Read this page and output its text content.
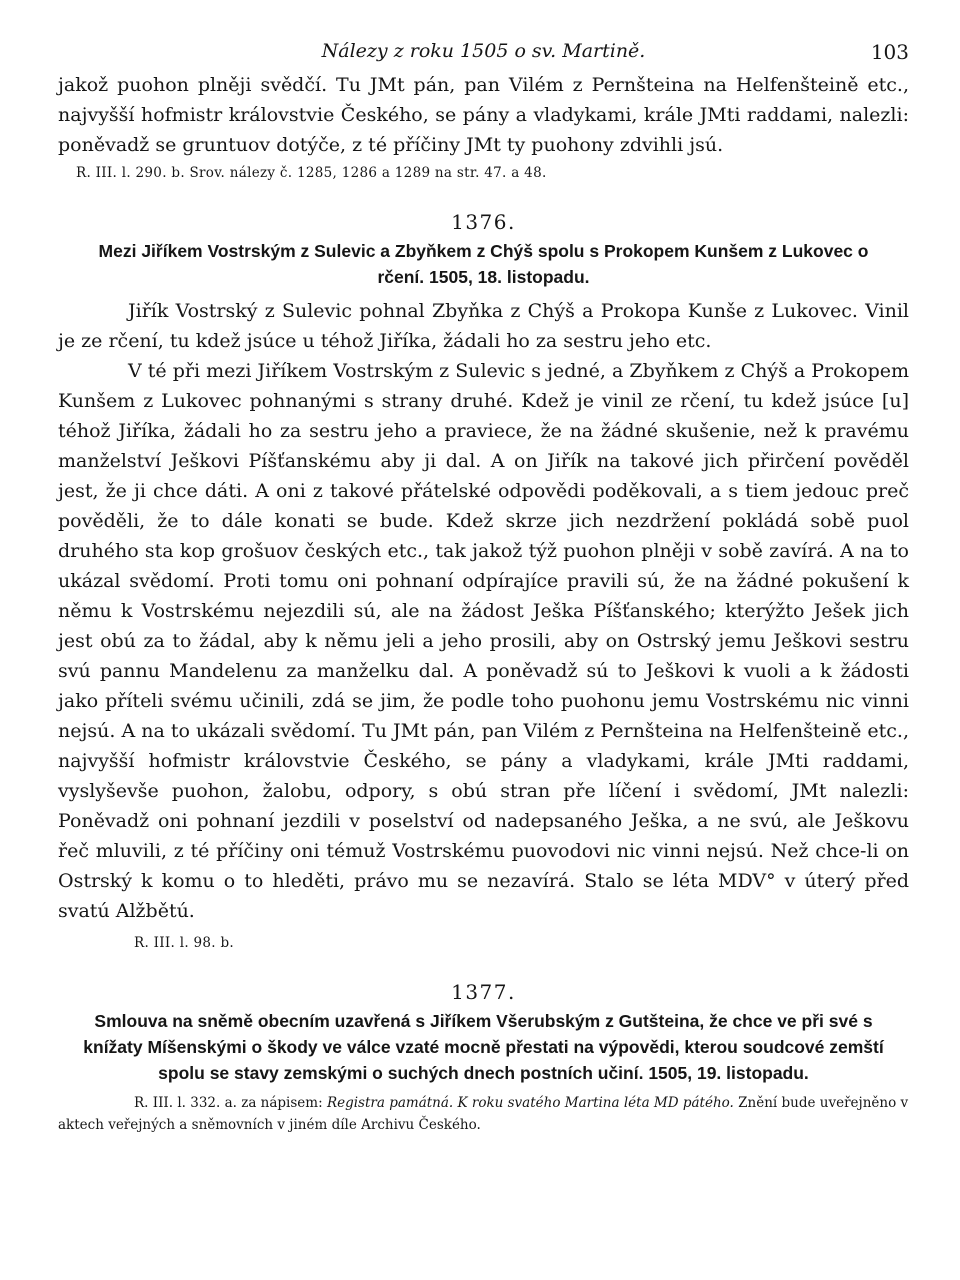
Nálezy z roku 1505 o sv. Martině.	103

jakož puohon plněji svědčí. Tu JMt pán, pan Vilém z Pernšteina na Helfenšteině etc., najvyšší hofmistr královstvie Českého, se pány a vladykami, krále JMti raddami, nalezli: poněvadž se gruntuov dotýče, z té příčiny JMt ty puohony zdvihli jsú.

R. III. l. 290. b. Srov. nálezy č. 1285, 1286 a 1289 na str. 47. a 48.

1376.
Mezi Jiříkem Vostrským z Sulevic a Zbyňkem z Chýš spolu s Prokopem Kunšem z Lukovec o rčení. 1505, 18. listopadu.

Jiřík Vostrský z Sulevic pohnal Zbyňka z Chýš a Prokopa Kunše z Lukovec. Vinil je ze rčení, tu kdež jsúce u téhož Jiříka, žádali ho za sestru jeho etc.

V té při mezi Jiříkem Vostrským z Sulevic s jedné, a Zbyňkem z Chýš a Prokopem Kunšem z Lukovec pohnanými s strany druhé. Kdež je vinil ze rčení, tu kdež jsúce [u] téhož Jiříka, žádali ho za sestru jeho a praviece, že na žádné skušenie, než k pravému manželství Ješkovi Píšťanskému aby ji dal. A on Jiřík na takové jich přirčení pověděl jest, že ji chce dáti. A oni z takové přátelské odpovědi poděkovali, a s tiem jedouc preč pověděli, že to dále konati se bude. Kdež skrze jich nezdržení pokládá sobě puol druhého sta kop grošuov českých etc., tak jakož týž puohon plněji v sobě zavírá. A na to ukázal svědomí. Proti tomu oni pohnaní odpírajíce pravili sú, že na žádné pokušení k němu k Vostrskému nejezdili sú, ale na žádost Ješka Píšťanského; kterýžto Ješek jich jest obú za to žádal, aby k němu jeli a jeho prosili, aby on Ostrský jemu Ješkovi sestru svú pannu Mandelenu za manželku dal. A poněvadž sú to Ješkovi k vuoli a k žádosti jako příteli svému učinili, zdá se jim, že podle toho puohonu jemu Vostrskému nic vinni nejsú. A na to ukázali svědomí. Tu JMt pán, pan Vilém z Pernšteina na Helfenšteině etc., najvyšší hofmistr královstvie Českého, se pány a vladykami, krále JMti raddami, vyslyševše puohon, žalobu, odpory, s obú stran pře líčení i svědomí, JMt nalezli: Poněvadž oni pohnaní jezdili v poselství od nadepsaného Ješka, a ne svú, ale Ješkovu řeč mluvili, z té příčiny oni témuž Vostrskému puovodovi nic vinni nejsú. Než chce-li on Ostrský k komu o to hleděti, právo mu se nezavírá. Stalo se léta MDV° v úterý před svatú Alžbětú.

R. III. l. 98. b.

1377.
Smlouva na sněmě obecním uzavřená s Jiříkem Všerubským z Gutšteina, že chce ve při své s knížaty Míšenskými o škody ve válce vzaté mocně přestati na výpovědi, kterou soudcové zemští spolu se stavy zemskými o suchých dnech postních učiní. 1505, 19. listopadu.

R. III. l. 332. a. za nápisem: Registra památná. K roku svatého Martina léta MD pátého. Znění bude uveřejněno v aktech veřejných a sněmovních v jiném díle Archivu Českého.
